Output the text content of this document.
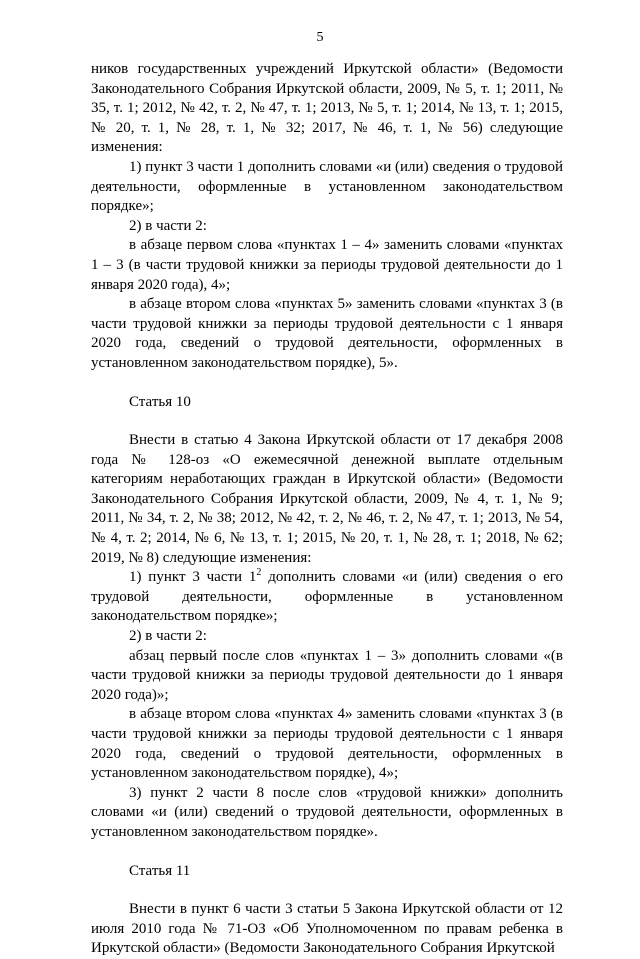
5

ников государственных учреждений Иркутской области» (Ведомости Законодательного Собрания Иркутской области, 2009, № 5, т. 1; 2011, № 35, т. 1; 2012, № 42, т. 2, № 47, т. 1; 2013, № 5, т. 1; 2014, № 13, т. 1; 2015, № 20, т. 1, № 28, т. 1, № 32; 2017, № 46, т. 1, № 56) следующие изменения:

1) пункт 3 части 1 дополнить словами «и (или) сведения о трудовой деятельности, оформленные в установленном законодательством порядке»;

2) в части 2:

в абзаце первом слова «пунктах 1 – 4» заменить словами «пунктах 1 – 3 (в части трудовой книжки за периоды трудовой деятельности до 1 января 2020 года), 4»;

в абзаце втором слова «пунктах 5» заменить словами «пунктах 3 (в части трудовой книжки за периоды трудовой деятельности с 1 января 2020 года, сведений о трудовой деятельности, оформленных в установленном законодательством порядке), 5».

Статья 10

Внести в статью 4 Закона Иркутской области от 17 декабря 2008 года № 128-оз «О ежемесячной денежной выплате отдельным категориям неработающих граждан в Иркутской области» (Ведомости Законодательного Собрания Иркутской области, 2009, № 4, т. 1, № 9; 2011, № 34, т. 2, № 38; 2012, № 42, т. 2, № 46, т. 2, № 47, т. 1; 2013, № 54, № 4, т. 2; 2014, № 6, № 13, т. 1; 2015, № 20, т. 1, № 28, т. 1; 2018, № 62; 2019, № 8) следующие изменения:

1) пункт 3 части $1^2$ дополнить словами «и (или) сведения о его трудовой деятельности, оформленные в установленном законодательством порядке»;

2) в части 2:

абзац первый после слов «пунктах 1 – 3» дополнить словами «(в части трудовой книжки за периоды трудовой деятельности до 1 января 2020 года)»;

в абзаце втором слова «пунктах 4» заменить словами «пунктах 3 (в части трудовой книжки за периоды трудовой деятельности с 1 января 2020 года, сведений о трудовой деятельности, оформленных в установленном законодательством порядке), 4»;

3) пункт 2 части 8 после слов «трудовой книжки» дополнить словами «и (или) сведений о трудовой деятельности, оформленных в установленном законодательством порядке».

Статья 11

Внести в пункт 6 части 3 статьи 5 Закона Иркутской области от 12 июля 2010 года № 71-ОЗ «Об Уполномоченном по правам ребенка в Иркутской области» (Ведомости Законодательного Собрания Иркутской
